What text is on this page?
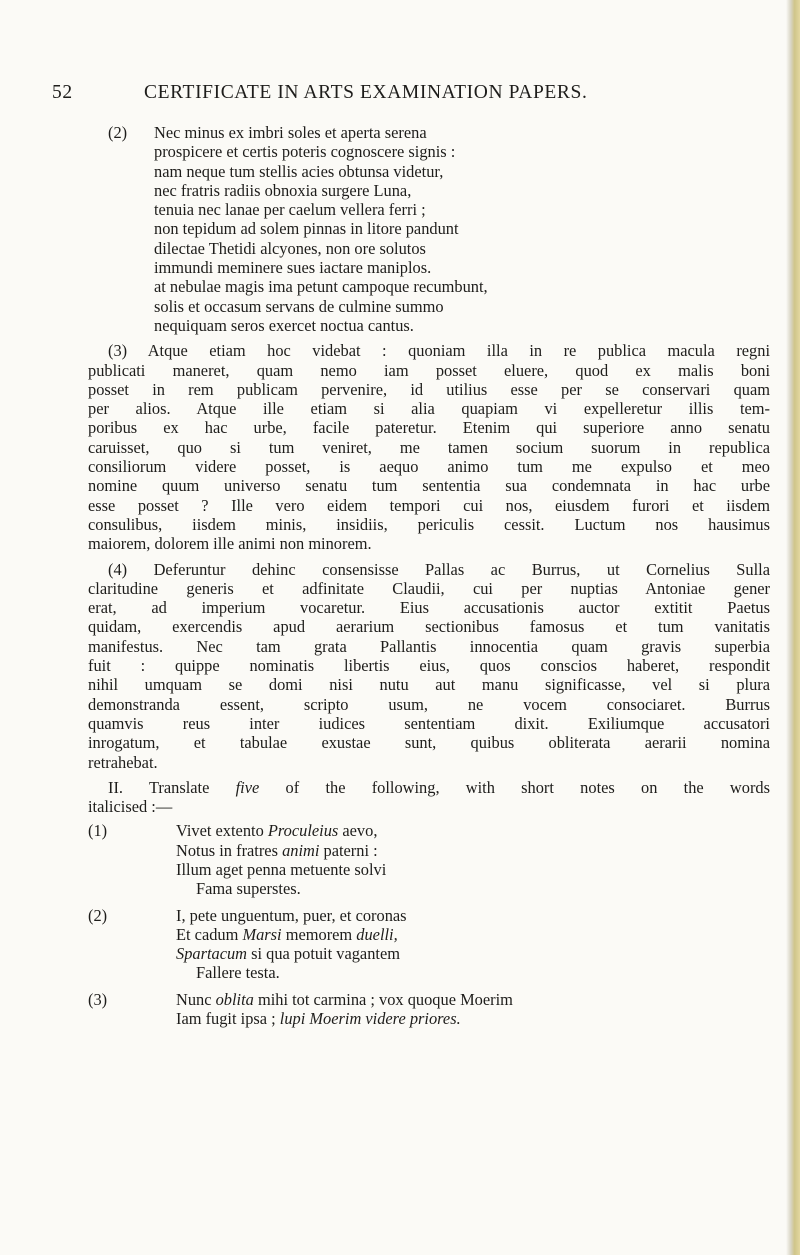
52	CERTIFICATE IN ARTS EXAMINATION PAPERS.
(2) Nec minus ex imbri soles et aperta serena
prospicere et certis poteris cognoscere signis :
nam neque tum stellis acies obtunsa videtur,
nec fratris radiis obnoxia surgere Luna,
tenuia nec lanae per caelum vellera ferri ;
non tepidum ad solem pinnas in litore pandunt
dilectae Thetidi alcyones, non ore solutos
immundi meminere sues iactare maniplos.
at nebulae magis ima petunt campoque recumbunt,
solis et occasum servans de culmine summo
nequiquam seros exercet noctua cantus.
(3) Atque etiam hoc videbat : quoniam illa in re publica macula regni
publicati maneret, quam nemo iam posset eluere, quod ex malis boni
posset in rem publicam pervenire, id utilius esse per se conservari quam
per alios. Atque ille etiam si alia quapiam vi expelleretur illis tem-
poribus ex hac urbe, facile pateretur. Etenim qui superiore anno senatu
caruisset, quo si tum veniret, me tamen socium suorum in republica
consiliorum videre posset, is aequo animo tum me expulso et meo
nomine quum universo senatu tum sententia sua condemnata in hac urbe
esse posset ? Ille vero eidem tempori cui nos, eiusdem furori et iisdem
consulibus, iisdem minis, insidiis, periculis cessit. Luctum nos hausimus
maiorem, dolorem ille animi non minorem.
(4) Deferuntur dehinc consensisse Pallas ac Burrus, ut Cornelius Sulla
claritudine generis et adfinitate Claudii, cui per nuptias Antoniae gener
erat, ad imperium vocaretur. Eius accusationis auctor extitit Paetus
quidam, exercendis apud aerarium sectionibus famosus et tum vanitatis
manifestus. Nec tam grata Pallantis innocentia quam gravis superbia
fuit : quippe nominatis libertis eius, quos conscios haberet, respondit
nihil umquam se domi nisi nutu aut manu significasse, vel si plura
demonstranda essent, scripto usum, ne vocem consociaret. Burrus
quamvis reus inter iudices sententiam dixit. Exiliumque accusatori
inrogatum, et tabulae exustae sunt, quibus obliterata aerarii nomina
retrahebat.
II. Translate five of the following, with short notes on the words
italicised :—
(1)	Vivet extento Proculeius aevo,
Notus in fratres animi paterni :
Illum aget penna metuente solvi
Fama superstes.
(2)	I, pete unguentum, puer, et coronas
Et cadum Marsi memorem duelli,
Spartacum si qua potuit vagantem
Fallere testa.
(3)	Nunc oblita mihi tot carmina ; vox quoque Moerim
Iam fugit ipsa ; lupi Moerim videre priores.
